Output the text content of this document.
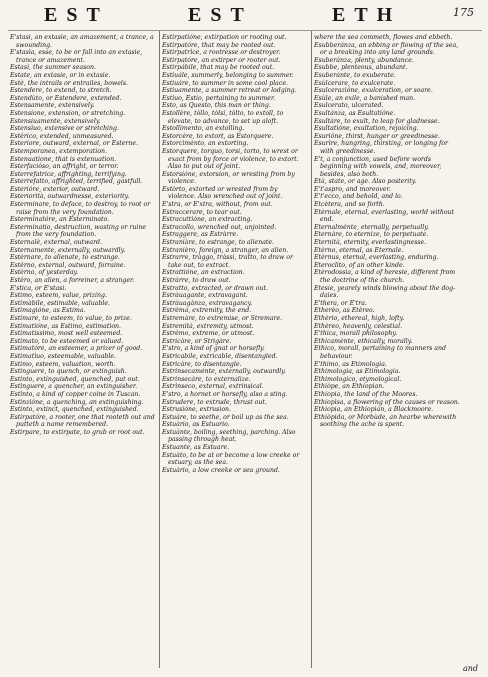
EST	EST	ETH	175

E'stasi, an extasie, an amazement, a trance, a swounding.

E'stasìa, esse, to be or fall into an extasie, trance or amazement.

Estasì, the summer season.

Estate, an extasie, or in extasie.

Estè, the intrails or entrailes, bowels.

Estendere, to extend, to stretch.

Estendùto, or Estendere, extended.

Estensamente, extensively.

Estensione, extension, or stretching.

Estensiuamente, extensively.

Estensìuo, extensive or stretching.

Estèrico, extended, unmeasured.

Esteriore, outward, external, or Esterne.

Estemporanea, extemporation.

Estenuatione, that is extenuation.

Esterfacióso, an affright, or terror.

Esterrefatrice, affrighting, terrifying.

Esterrefatto, affrighted, terrified, gastfull.

Esterióre, exterior, outward.

Esteriorità, outwardnesse, exteriority.

Esterminare, to deface, to destroy, to root or raise from the very foundation.

Esterminatóre, an Esterminato.

Esterminatio, destruction, wasting or ruine from the very foundation.

Esternalè, external, outward.

Esternamente, externally, outwardly.

Estèrnare, to alienate, to estrange.

Estèrno, external, outward, forraine.

Estèrno, of yesterday.

Estèro, an alien, a forreiner, a stranger.

E'stica, or E'stasi.

Estimo, esteem, value, prizing.

Estimàbile, estimable, valuable.

Estimagióne, as Estima.

Estimare, to esteem, to value, to prize.

Estimatióne, as Estimo, estimation.

Estimatissimo, most well esteemed.

Estimato, to be esteemed or valued.

Estimatóre, an esteemer, a prizer of good.

Estimatìuo, esteemable, valuable.

Estimo, esteem, valuation, worth.

Estinguere, to quench, or extinguish.

Estinto, extinguished, quenched, put out.

Estìnguere, a quencher, an extinguisher.

Estìnto, a kind of copper coine in Tuscan.

Estinzióne, a quenching, an extinguishing.

Estinto, extinct, quenched, extinguished.

Estirpatóre, a rooter, one that rooteth out and putteth a name remembered.

Estirpare, to extirpate, to grub or root out.

Estirpatióne, extirpation or rooting out.

Estirpatóre, that may be rooted out.

Estirpatrìce, a rootresse or destroyer.

Estirpatóre, an extirper or rooter out.

Estirpábile, that may be rooted out.

Estiuále, summerly, belonging to summer.

Estiuáre, to summer in some cool place.

Estiuamente, a summer retreat or lodging.

Estìuo, Estio, pertaining to summer.

Esto, as Questo, this man or thing.

Estollère, tòllo, tòlsi, tòlto, to extoll, to elevate, to advance, to set up aloft.

Estollimento, an extolling.

Estorcère, to extort, as Estorquere.

Estorcimènto, an extorting.

Estorquere, torquo, torsi, torto, to wrest or exact from by force or violence, to extort. Also to put out of joint.

Estorsióne, extorsion, or wresting from by violence.

Estòrto, extorted or wrested from by violence. Also wrenched out of joint.

E'stra, or E'xtra, without, from out.

Estraccerare, to tear out.

Estracuttióne, an extracting.

Estracollo, wrenched out, unjointed.

Estraggere, as Estràrre.

Estraniàre, to estrange, to alienate.

Estranièro, foreign, a stranger, an alien.

Estrarre, tràggo, tràssi, tratto, to draw or take out, to extract.

Estrattióne, an extraction.

Estràrre, to draw out.

Estratto, extracted, or drawn out.

Estràuagante, extravagant.

Estràuagànza, extravagancy.

Estrèma, extremity, the end.

Estremàre, to extremise, or Stremare.

Estremità, extremity, utmost.

Estrèmo, extreme, or utmost.

Estricàre, or Strigàre.

E'stro, a kind of gnat or horsefly.

Estricabile, extricable, disentangled.

Estricàre, to disentangle.

Estrinsecamènte, externally, outwardly.

Estrinsecàre, to externalize.

Estrìnseco, external, extrinsical.

E'stro, a hornet or horsefly, also a sting.

Estrudere, to extrude, thrust out.

Estrusióne, extrusion.

Estuàre, to seethe, or boil up as the sea.

Estuàrio, as Estuario.

Estuànte, boiling, seething, parching. Also passing through heat.

Estuante, as Estuare.

Estuàto, to be at or become a low creeke or estuary, as the sea.

Estuàrio, a low creeke or sea ground.

where the sea commeth, flowes and ebbeth.

Esubberánza, an ebbing or flowing of the sea, or a breaking into any land grounds.

Esuberánza, plenty, abundance.

Esubbe, plenteous, abundant.

Esuberánte, to exuberate.

Esùlcerare, to exulcerate.

Esulcerazióne, exulceration, or soare.

Esùle, an exile, a banished man.

Esulcerato, ulcerated.

Esultánza, as Esultatióne.

Esultàre, to exult, to leap for gladnesse.

Esultatióne, exultation, rejoicing.

Esurióne, thirst, hunger or greedinesse.

Esurìre, hungring, thirsting, or longing for with greedinesse.

E't, a conjunction, used before words beginning with vowels, and, moreover, besides, also both.

Età, state, or age. Also posterity.

E't'aspro, and moreover.

E't'ecco, and behold, and lo.

Etcètera, and so forth.

Etèrnale, eternal, everlasting, world without end.

Eternalmènte, eternally, perpetually.

Eternàre, to eternize, to perpetuate.

Eternità, eternity, everlastingnesse.

Etèrno, eternal, as Eternale.

Etèrnus, eternal, everlasting, enduring.

Eteroclito, of an other kinde.

Etèrodossia, a kind of heresie, different from the doctrine of the church.

Etesie, yearely winds blowing about the dog-daies.

E'thera, or E'tra.

Etherèo, as Etèreo.

Ethèrio, ethereal, high, lofty.

Ethèreo, heavenly, celestial.

E'thica, morall philosophy.

Ethicamènte, ethically, morally.

Ethico, morall, pertaining to manners and behaviour.

E'thimo, as Etimologia.

Ethimologia, as Etimologia.

Ethimologico, etymological.

Ethiòpe, an Ethiopian.

Ethiopia, the land of the Moores.

Ethiopìsa, a flowering of the causes or reason.

Ethiopia, an Ethiopian, a Blackmoore.

Ethiòpida, or Morbùde, an hearbe wherewith soothing the ache is spent.

and
